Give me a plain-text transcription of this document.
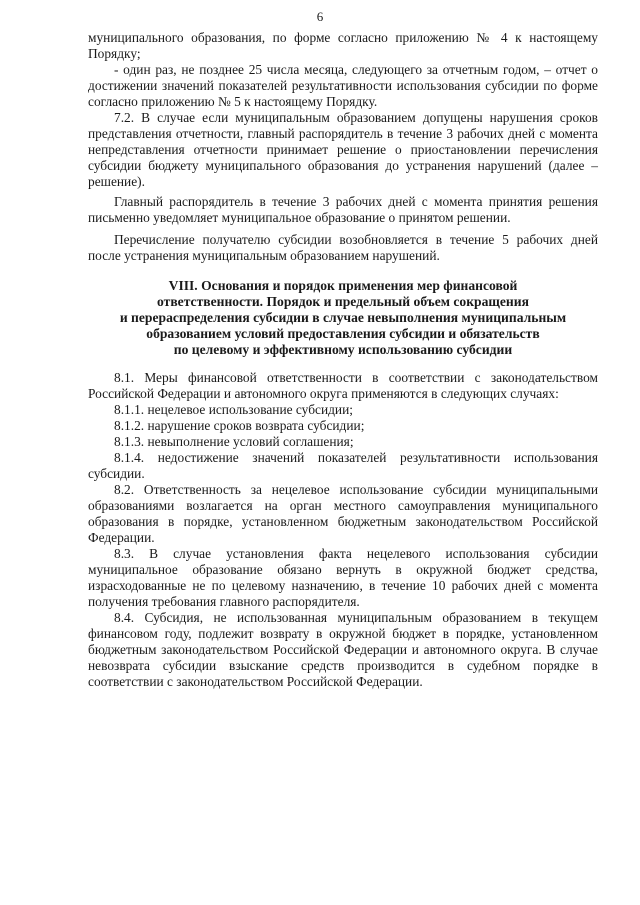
6

муниципального образования, по форме согласно приложению № 4 к настоящему Порядку;

- один раз, не позднее 25 числа месяца, следующего за отчетным годом, – отчет о достижении значений показателей результативности использования субсидии по форме согласно приложению № 5 к настоящему Порядку.

7.2. В случае если муниципальным образованием допущены нарушения сроков представления отчетности, главный распорядитель в течение 3 рабочих дней с момента непредставления отчетности принимает решение о приостановлении перечисления субсидии бюджету муниципального образования до устранения нарушений (далее – решение).

Главный распорядитель в течение 3 рабочих дней с момента принятия решения письменно уведомляет муниципальное образование о принятом решении.

Перечисление получателю субсидии возобновляется в течение 5 рабочих дней после устранения муниципальным образованием нарушений.

VIII. Основания и порядок применения мер финансовой
ответственности. Порядок и предельный объем сокращения
и перераспределения субсидии в случае невыполнения муниципальным
образованием условий предоставления субсидии и обязательств
по целевому и эффективному использованию субсидии

8.1. Меры финансовой ответственности в соответствии с законодательством Российской Федерации и автономного округа применяются в следующих случаях:

8.1.1. нецелевое использование субсидии;

8.1.2. нарушение сроков возврата субсидии;

8.1.3. невыполнение условий соглашения;

8.1.4. недостижение значений показателей результативности использования субсидии.

8.2. Ответственность за нецелевое использование субсидии муниципальными образованиями возлагается на орган местного самоуправления муниципального образования в порядке, установленном бюджетным законодательством Российской Федерации.

8.3. В случае установления факта нецелевого использования субсидии муниципальное образование обязано вернуть в окружной бюджет средства, израсходованные не по целевому назначению, в течение 10 рабочих дней с момента получения требования главного распорядителя.

8.4. Субсидия, не использованная муниципальным образованием в текущем финансовом году, подлежит возврату в окружной бюджет в порядке, установленном бюджетным законодательством Российской Федерации и автономного округа. В случае невозврата субсидии взыскание средств производится в судебном порядке в соответствии с законодательством Российской Федерации.
